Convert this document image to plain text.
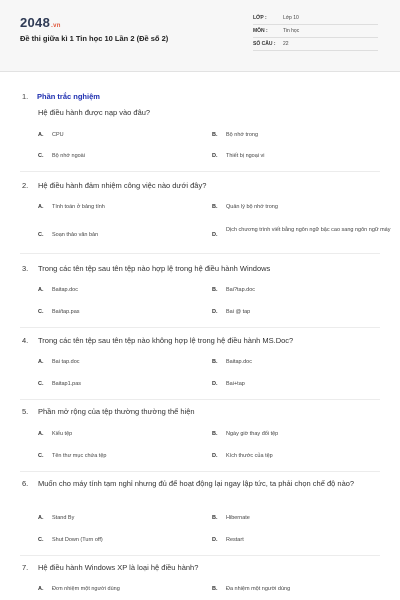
2048.vn
Đề thi giữa kì 1 Tin học 10 Lần 2 (Đề số 2)
LỚP :	Lớp 10
MÔN :	Tin học
SỐ CÂU :	22
1. Phần trắc nghiệm
Hệ điều hành được nạp vào đâu?
A.	CPU	B.	Bộ nhớ trong
C.	Bộ nhớ ngoài	D.	Thiết bị ngoại vi
2.	Hệ điều hành đảm nhiệm công việc nào dưới đây?
A.	Tính toán ở bảng tính	B.	Quản lý bộ nhớ trong
C.	Soạn thảo văn bản	D.
Dịch chương trình viết bằng ngôn ngữ bậc cao sang ngôn ngữ máy
3.	Trong các tên tệp sau tên tệp nào hợp lệ trong hệ điều hành Windows
A.	Baitap.doc	B.	Bai?tap.doc
C.	Bai/tap.pas	D.	Bai @ tap
4.	Trong các tên tệp sau tên tệp nào không hợp lệ trong hệ điều hành MS.Doc?
A.	Bai tap.doc	B.	Baitap.doc
C.	Baitap1.pas	D.	Bai+tap
5.	Phần mở rộng của tệp thường thường thể hiện
A.	Kiểu tệp	B.	Ngày giờ thay đổi tệp
C.	Tên thư mục chứa tệp	D.	Kích thước của tệp
6.	Muốn cho máy tính tạm nghỉ nhưng đủ để hoạt động lại ngay lập tức, ta phải chọn chế độ nào?
A.	Stand By	B.	Hibernate
C.	Shut Down (Turn off)	D.	Restart
7.	Hệ điều hành Windows XP là loại hệ điều hành?
A.	Đơn nhiệm một người dùng	B.	Đa nhiệm một người dùng
